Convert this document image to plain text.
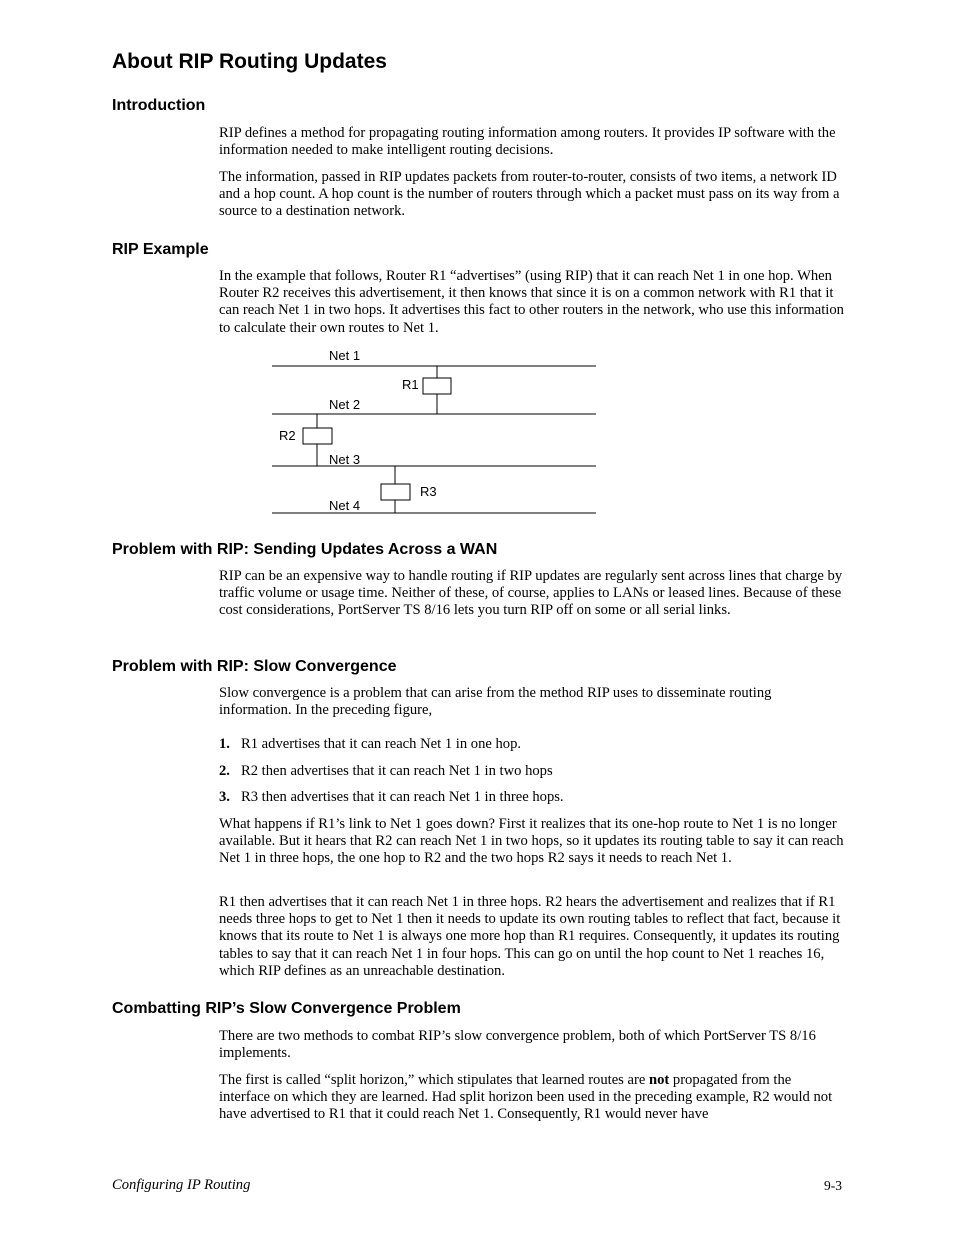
About RIP Routing Updates
Introduction

RIP defines a method for propagating routing information among routers. It provides IP software with the information needed to make intelligent routing decisions.

The information, passed in RIP updates packets from router-to-router, consists of two items, a network ID and a hop count. A hop count is the number of routers through which a packet must pass on its way from a source to a destination network.

RIP Example

In the example that follows, Router R1 “advertises” (using RIP) that it can reach Net 1 in one hop. When Router R2 receives this advertisement, it then knows that since it is on a common network with R1 that it can reach Net 1 in two hops. It advertises this fact to other routers in the network, who use this information to calculate their own routes to Net 1.

Net 1
Net 2
Net 3
Net 4
R1
R2
R3
Problem with RIP: Sending Updates Across a WAN

RIP can be an expensive way to handle routing if RIP updates are regularly sent across lines that charge by traffic volume or usage time. Neither of these, of course, applies to LANs or leased lines. Because of these cost considerations, PortServer TS 8/16 lets you turn RIP off on some or all serial links.

Problem with RIP: Slow Convergence

Slow convergence is a problem that can arise from the method RIP uses to disseminate routing information. In the preceding figure,

1. R1 advertises that it can reach Net 1 in one hop.
2. R2 then advertises that it can reach Net 1 in two hops
3. R3 then advertises that it can reach Net 1 in three hops.

What happens if R1’s link to Net 1 goes down? First it realizes that its one-hop route to Net 1 is no longer available. But it hears that R2 can reach Net 1 in two hops, so it updates its routing table to say it can reach Net 1 in three hops, the one hop to R2 and the two hops R2 says it needs to reach Net 1.

R1 then advertises that it can reach Net 1 in three hops. R2 hears the advertisement and realizes that if R1 needs three hops to get to Net 1 then it needs to update its own routing tables to reflect that fact, because it knows that its route to Net 1 is always one more hop than R1 requires. Consequently, it updates its routing tables to say that it can reach Net 1 in four hops. This can go on until the hop count to Net 1 reaches 16, which RIP defines as an unreachable destination.

Combatting RIP’s Slow Convergence Problem

There are two methods to combat RIP’s slow convergence problem, both of which PortServer TS 8/16 implements.

The first is called “split horizon,” which stipulates that learned routes are not propagated from the interface on which they are learned. Had split horizon been used in the preceding example, R2 would not have advertised to R1 that it could reach Net 1. Consequently, R1 would never have

Configuring IP Routing	9-3
